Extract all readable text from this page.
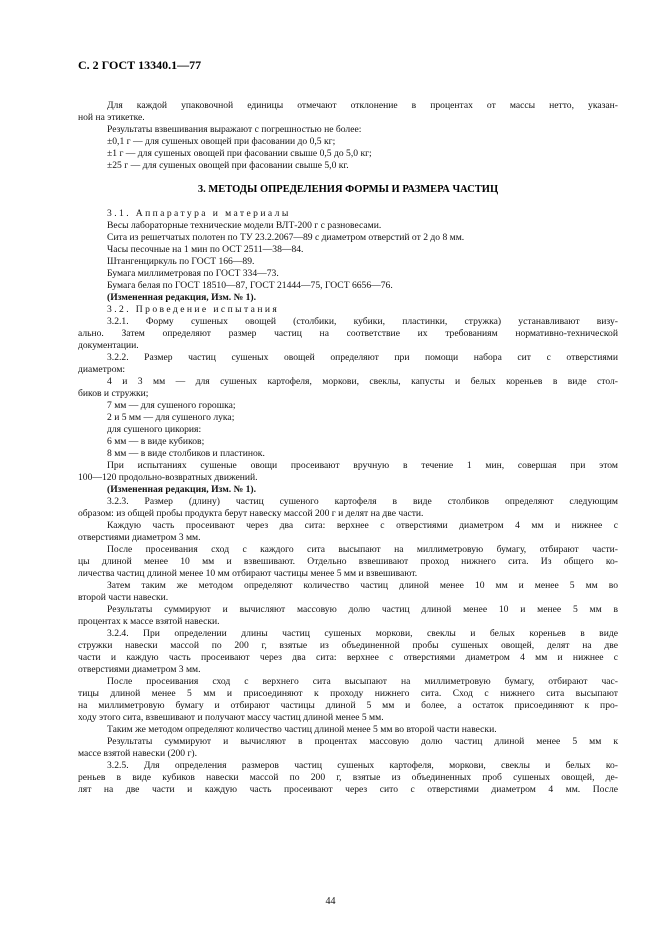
С. 2 ГОСТ 13340.1—77
Для каждой упаковочной единицы отмечают отклонение в процентах от массы нетто, указан-
ной на этикетке.
Результаты взвешивания выражают с погрешностью не более:
±0,1 г — для сушеных овощей при фасовании до 0,5 кг;
±1 г — для сушеных овощей при фасовании свыше 0,5 до 5,0 кг;
±25 г — для сушеных овощей при фасовании свыше 5,0 кг.
3. МЕТОДЫ ОПРЕДЕЛЕНИЯ ФОРМЫ И РАЗМЕРА ЧАСТИЦ
3.1. Аппаратура и материалы
Весы лабораторные технические модели ВЛТ-200 г с разновесами.
Сита из решетчатых полотен по ТУ 23.2.2067—89 с диаметром отверстий от 2 до 8 мм.
Часы песочные на 1 мин по ОСТ 2511—38—84.
Штангенциркуль по ГОСТ 166—89.
Бумага миллиметровая по ГОСТ 334—73.
Бумага белая по ГОСТ 18510—87, ГОСТ 21444—75, ГОСТ 6656—76.
(Измененная редакция, Изм. № 1).
3.2. Проведение испытания
3.2.1. Форму сушеных овощей (столбики, кубики, пластинки, стружка) устанавливают визу-
ально. Затем определяют размер частиц на соответствие их требованиям нормативно-технической
документации.
3.2.2. Размер частиц сушеных овощей определяют при помощи набора сит с отверстиями
диаметром:
4 и 3 мм — для сушеных картофеля, моркови, свеклы, капусты и белых кореньев в виде стол-
биков и стружки;
7 мм — для сушеного горошка;
2 и 5 мм — для сушеного лука;
для сушеного цикория:
6 мм — в виде кубиков;
8 мм — в виде столбиков и пластинок.
При испытаниях сушеные овощи просеивают вручную в течение 1 мин, совершая при этом
100—120 продольно-возвратных движений.
(Измененная редакция, Изм. № 1).
3.2.3. Размер (длину) частиц сушеного картофеля в виде столбиков определяют следующим
образом: из общей пробы продукта берут навеску массой 200 г и делят на две части.
Каждую часть просеивают через два сита: верхнее с отверстиями диаметром 4 мм и нижнее с
отверстиями диаметром 3 мм.
После просеивания сход с каждого сита высыпают на миллиметровую бумагу, отбирают части-
цы длиной менее 10 мм и взвешивают. Отдельно взвешивают проход нижнего сита. Из общего ко-
личества частиц длиной менее 10 мм отбирают частицы менее 5 мм и взвешивают.
Затем таким же методом определяют количество частиц длиной менее 10 мм и менее 5 мм во
второй части навески.
Результаты суммируют и вычисляют массовую долю частиц длиной менее 10 и менее 5 мм в
процентах к массе взятой навески.
3.2.4. При определении длины частиц сушеных моркови, свеклы и белых кореньев в виде
стружки навески массой по 200 г, взятые из объединенной пробы сушеных овощей, делят на две
части и каждую часть просеивают через два сита: верхнее с отверстиями диаметром 4 мм и нижнее с
отверстиями диаметром 3 мм.
После просеивания сход с верхнего сита высыпают на миллиметровую бумагу, отбирают час-
тицы длиной менее 5 мм и присоединяют к проходу нижнего сита. Сход с нижнего сита высыпают
на миллиметровую бумагу и отбирают частицы длиной 5 мм и более, а остаток присоединяют к про-
ходу этого сита, взвешивают и получают массу частиц длиной менее 5 мм.
Таким же методом определяют количество частиц длиной менее 5 мм во второй части навески.
Результаты суммируют и вычисляют в процентах массовую долю частиц длиной менее 5 мм к
массе взятой навески (200 г).
3.2.5. Для определения размеров частиц сушеных картофеля, моркови, свеклы и белых ко-
реньев в виде кубиков навески массой по 200 г, взятые из объединенных проб сушеных овощей, де-
лят на две части и каждую часть просеивают через сито с отверстиями диаметром 4 мм. После
44
